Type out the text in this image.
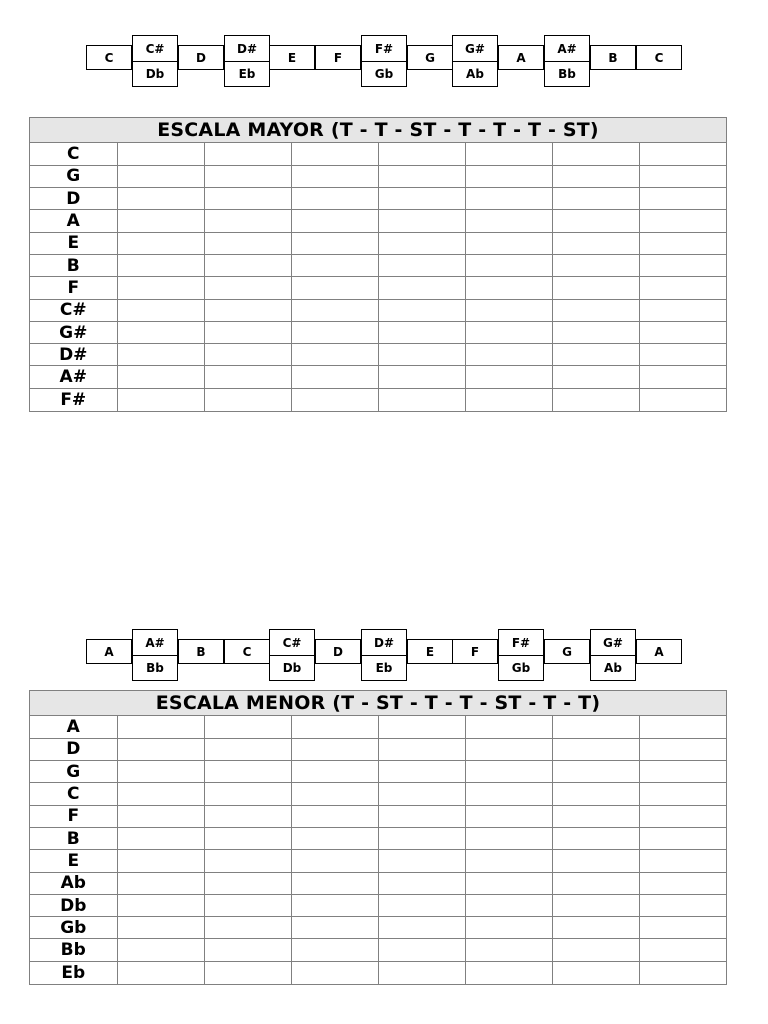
C
C#
Db
D
D#
Eb
E	F
F#
Gb
G
G#
Ab
A
A#
Bb
B	C
ESCALA MAYOR (T - T - ST - T - T - T - ST)
C							
G							
D							
A							
E							
B							
F							
C#							
G#							
D#							
A#							
F#							
A
A#
Bb
B	C
C#
Db
D
D#
Eb
E	F
F#
Gb
G
G#
Ab
A
ESCALA MENOR (T - ST - T - T - ST - T - T)
A							
D							
G							
C							
F							
B							
E							
Ab							
Db							
Gb							
Bb							
Eb							
